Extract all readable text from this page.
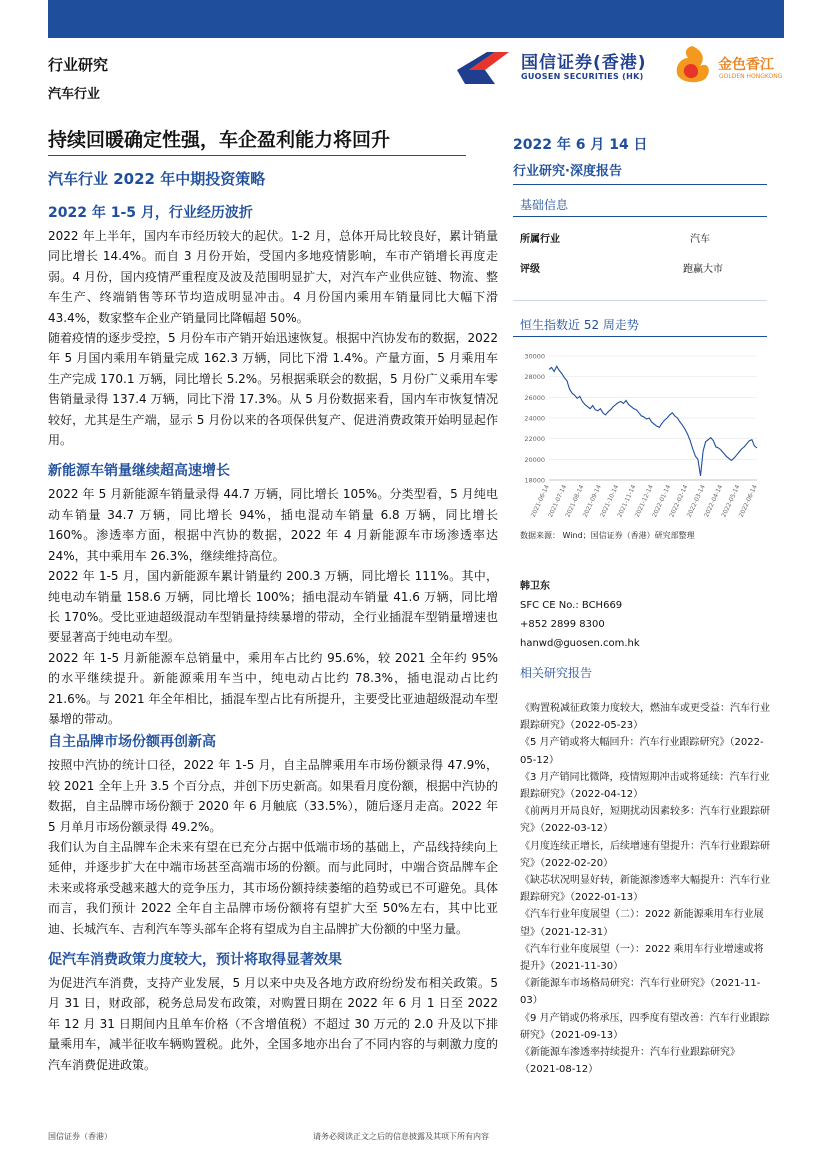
行业研究
汽车行业
国信证券(香港)
GUOSEN SECURITIES (HK)
金色香江
GOLDEN HONGKONG
持续回暖确定性强，车企盈利能力将回升
汽车行业 2022 年中期投资策略
2022 年 1-5 月，行业经历波折

2022 年上半年，国内车市经历较大的起伏。1-2 月，总体开局比较良好，累计销量同比增长 14.4%。而自 3 月份开始，受国内多地疫情影响，车市产销增长再度走弱。4 月份，国内疫情严重程度及波及范围明显扩大，对汽车产业供应链、物流、整车生产、终端销售等环节均造成明显冲击。4 月份国内乘用车销量同比大幅下滑 43.4%，数家整车企业产销量同比降幅超 50%。

随着疫情的逐步受控，5 月份车市产销开始迅速恢复。根据中汽协发布的数据，2022 年 5 月国内乘用车销量完成 162.3 万辆，同比下滑 1.4%。产量方面，5 月乘用车生产完成 170.1 万辆，同比增长 5.2%。另根据乘联会的数据，5 月份广义乘用车零售销量录得 137.4 万辆，同比下滑 17.3%。从 5 月份数据来看，国内车市恢复情况较好，尤其是生产端，显示 5 月份以来的各项保供复产、促进消费政策开始明显起作用。

新能源车销量继续超高速增长

2022 年 5 月新能源车销量录得 44.7 万辆，同比增长 105%。分类型看，5 月纯电动车销量 34.7 万辆，同比增长 94%，插电混动车销量 6.8 万辆，同比增长 160%。渗透率方面，根据中汽协的数据，2022 年 4 月新能源车市场渗透率达 24%，其中乘用车 26.3%，继续维持高位。

2022 年 1-5 月，国内新能源车累计销量约 200.3 万辆，同比增长 111%。其中，纯电动车销量 158.6 万辆，同比增长 100%；插电混动车销量 41.6 万辆，同比增长 170%。受比亚迪超级混动车型销量持续暴增的带动，全行业插混车型销量增速也要显著高于纯电动车型。

2022 年 1-5 月新能源车总销量中，乘用车占比约 95.6%，较 2021 全年约 95% 的水平继续提升。新能源乘用车当中，纯电动占比约 78.3%，插电混动占比约 21.6%。与 2021 年全年相比，插混车型占比有所提升，主要受比亚迪超级混动车型暴增的带动。

自主品牌市场份额再创新高

按照中汽协的统计口径，2022 年 1-5 月，自主品牌乘用车市场份额录得 47.9%，较 2021 全年上升 3.5 个百分点，并创下历史新高。如果看月度份额，根据中汽协的数据，自主品牌市场份额于 2020 年 6 月触底（33.5%），随后逐月走高。2022 年 5 月单月市场份额录得 49.2%。

我们认为自主品牌车企未来有望在已充分占据中低端市场的基础上，产品线持续向上延伸，并逐步扩大在中端市场甚至高端市场的份额。而与此同时，中端合资品牌车企未来或将承受越来越大的竞争压力，其市场份额持续萎缩的趋势或已不可避免。具体而言，我们预计 2022 全年自主品牌市场份额将有望扩大至 50%左右，其中比亚迪、长城汽车、吉利汽车等头部车企将有望成为自主品牌扩大份额的中坚力量。

促汽车消费政策力度较大，预计将取得显著效果

为促进汽车消费，支持产业发展，5 月以来中央及各地方政府纷纷发布相关政策。5 月 31 日，财政部，税务总局发布政策，对购置日期在 2022 年 6 月 1 日至 2022 年 12 月 31 日期间内且单车价格（不含增值税）不超过 30 万元的 2.0 升及以下排量乘用车，减半征收车辆购置税。此外，全国多地亦出台了不同内容的与刺激力度的汽车消费促进政策。

2022 年 6 月 14 日
行业研究·深度报告
基础信息
所属行业	汽车
评级	跑赢大市
恒生指数近 52 周走势
30000
28000
26000
24000
22000
20000
18000
2021-06-14
2021-07-14
2021-08-14
2021-09-14
2021-10-14
2021-11-14
2021-12-14
2022-01-14
2022-02-14
2022-03-14
2022-04-14
2022-05-14
2022-06-14
数据来源： Wind；国信证券（香港）研究部整理
韩卫东
SFC CE No.: BCH669
+852 2899 8300
hanwd@guosen.com.hk
相关研究报告
《购置税减征政策力度较大，燃油车或更受益：汽车行业跟踪研究》（2022-05-23）
《5 月产销或将大幅回升：汽车行业跟踪研究》（2022-05-12）
《3 月产销同比微降，疫情短期冲击或将延续：汽车行业跟踪研究》（2022-04-12）
《前两月开局良好，短期扰动因素较多：汽车行业跟踪研究》（2022-03-12）
《月度连续正增长，后续增速有望提升：汽车行业跟踪研究》（2022-02-20）
《缺芯状况明显好转，新能源渗透率大幅提升：汽车行业跟踪研究》（2022-01-13）
《汽车行业年度展望（二）：2022 新能源乘用车行业展望》（2021-12-31）
《汽车行业年度展望（一）：2022 乘用车行业增速或将提升》（2021-11-30）
《新能源车市场格局研究：汽车行业研究》（2021-11-03）
《9 月产销或仍将承压，四季度有望改善：汽车行业跟踪研究》（2021-09-13）
《新能源车渗透率持续提升：汽车行业跟踪研究》（2021-08-12）
国信证券（香港）	请务必阅读正文之后的信息披露及其项下所有内容
